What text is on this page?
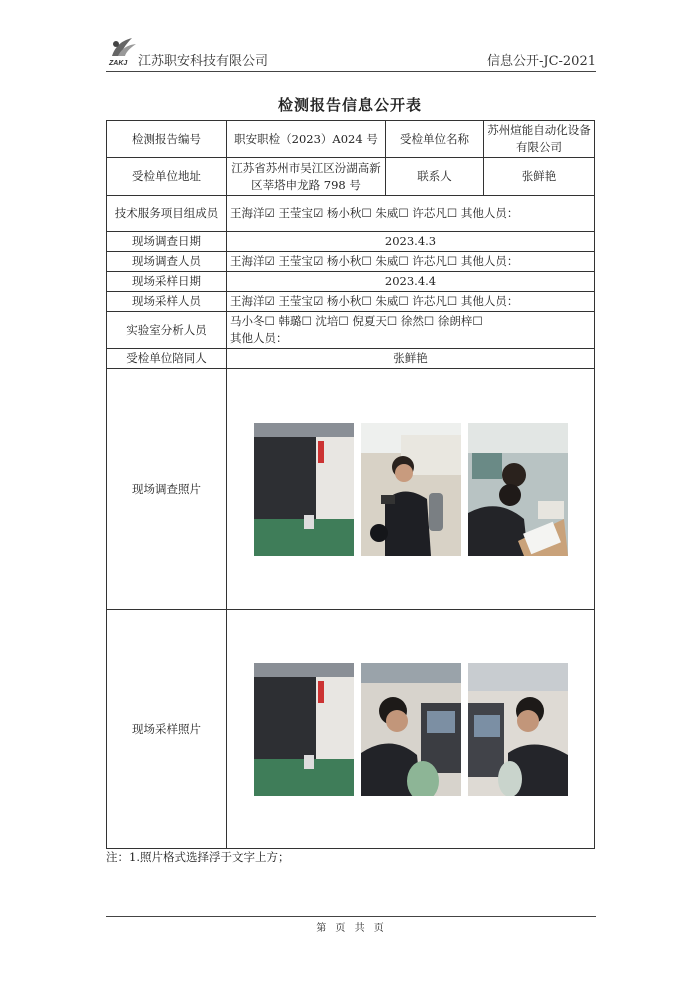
ZAKJ 江苏职安科技有限公司	信息公开-JC-2021
检测报告信息公开表
检测报告编号	职安职检（2023）A024 号	受检单位名称	苏州煊能自动化设备有限公司
受检单位地址	江苏省苏州市吴江区汾湖高新区莘塔申龙路 798 号	联系人	张鲜艳
技术服务项目组成员	王海洋☑ 王莹宝☑ 杨小秋☐ 朱威☐ 许芯凡☐ 其他人员：		
现场调查日期	2023.4.3		
现场调查人员	王海洋☑ 王莹宝☑ 杨小秋☐ 朱威☐ 许芯凡☐ 其他人员：		
现场采样日期	2023.4.4		
现场采样人员	王海洋☑ 王莹宝☑ 杨小秋☐ 朱威☐ 许芯凡☐ 其他人员：		
实验室分析人员	马小冬☐ 韩璐☐ 沈培☐ 倪夏天☐ 徐然☐ 徐朗梓☐
其他人员：		

受检单位陪同人	张鲜艳		
现场调查照片	

现场采样照片	
注：1.照片格式选择浮于文字上方；
第 页 共 页
